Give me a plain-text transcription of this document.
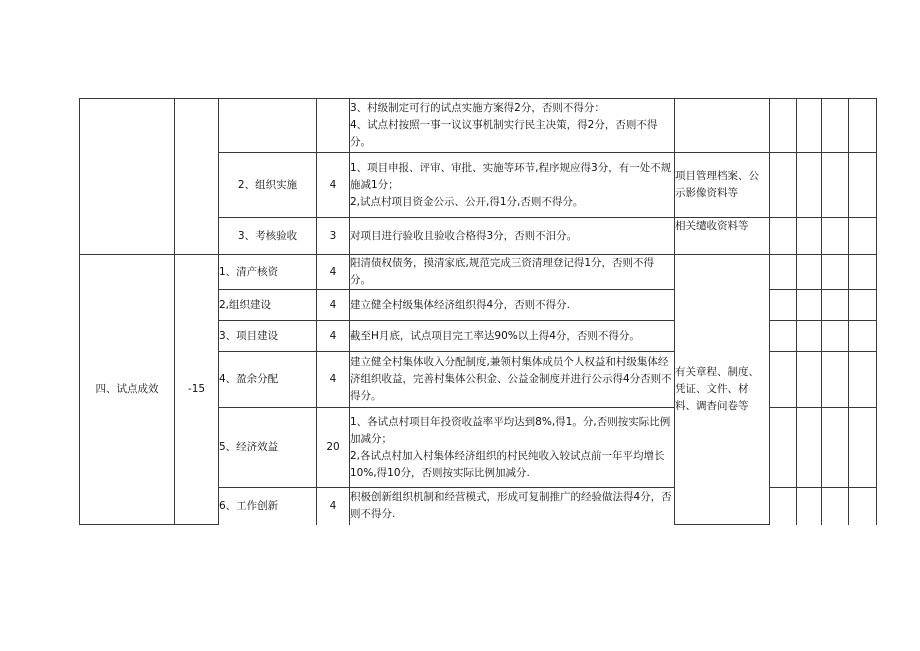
				3、村级制定可行的试点实施方案得2分，否则不得分：
4、试点村按照一事一议议事机制实行民主决策，得2分，否则不得分。					
		2、组织实施	4	1、项目申报、评审、审批、实施等环节,程序规应得3分，有一处不规施减1分；
2,试点村项目资金公示、公开,得1分,否则不得分。	项目管理档案、公示影像资料等				
		3、考核验收	3	对项目进行验收且验收合格得3分，否则不汨分。	相关缱收资料等				
四、试点成效	-15	1、清产核资	4	阳清债权债务，摸清家底,规范完成三资清理登记得1分，否则不得分。	有关章程、制度、凭证、文件、材料、调杳问卷等				
		2,组织建设	4	建立健全村级集体经济组织得4分，否则不得分.					
		3、项目建设	4	截至H月底，试点项目完工率达90%以上得4分，否则不得分。					
		4、盈余分配	4	建立健全村集体收入分配制度,兼领村集体成员个人权益和村级集体经济组织收益，完善村集体公积金、公益金制度并进行公示得4分否则不得分。					
		5、经济效益	20	1、各试点村项目年投资收益率平均达到8%,得1。分,否则按实际比例加减分；
2,各试点村加入村集体经济组织的村民纯收入较试点前一年平均增长10%,得10分，否则按实际比例加减分.					
		6、工作创新	4	积极创新组织机制和经营模式，形成可复制推广的经验做法得4分，否则不得分.					
